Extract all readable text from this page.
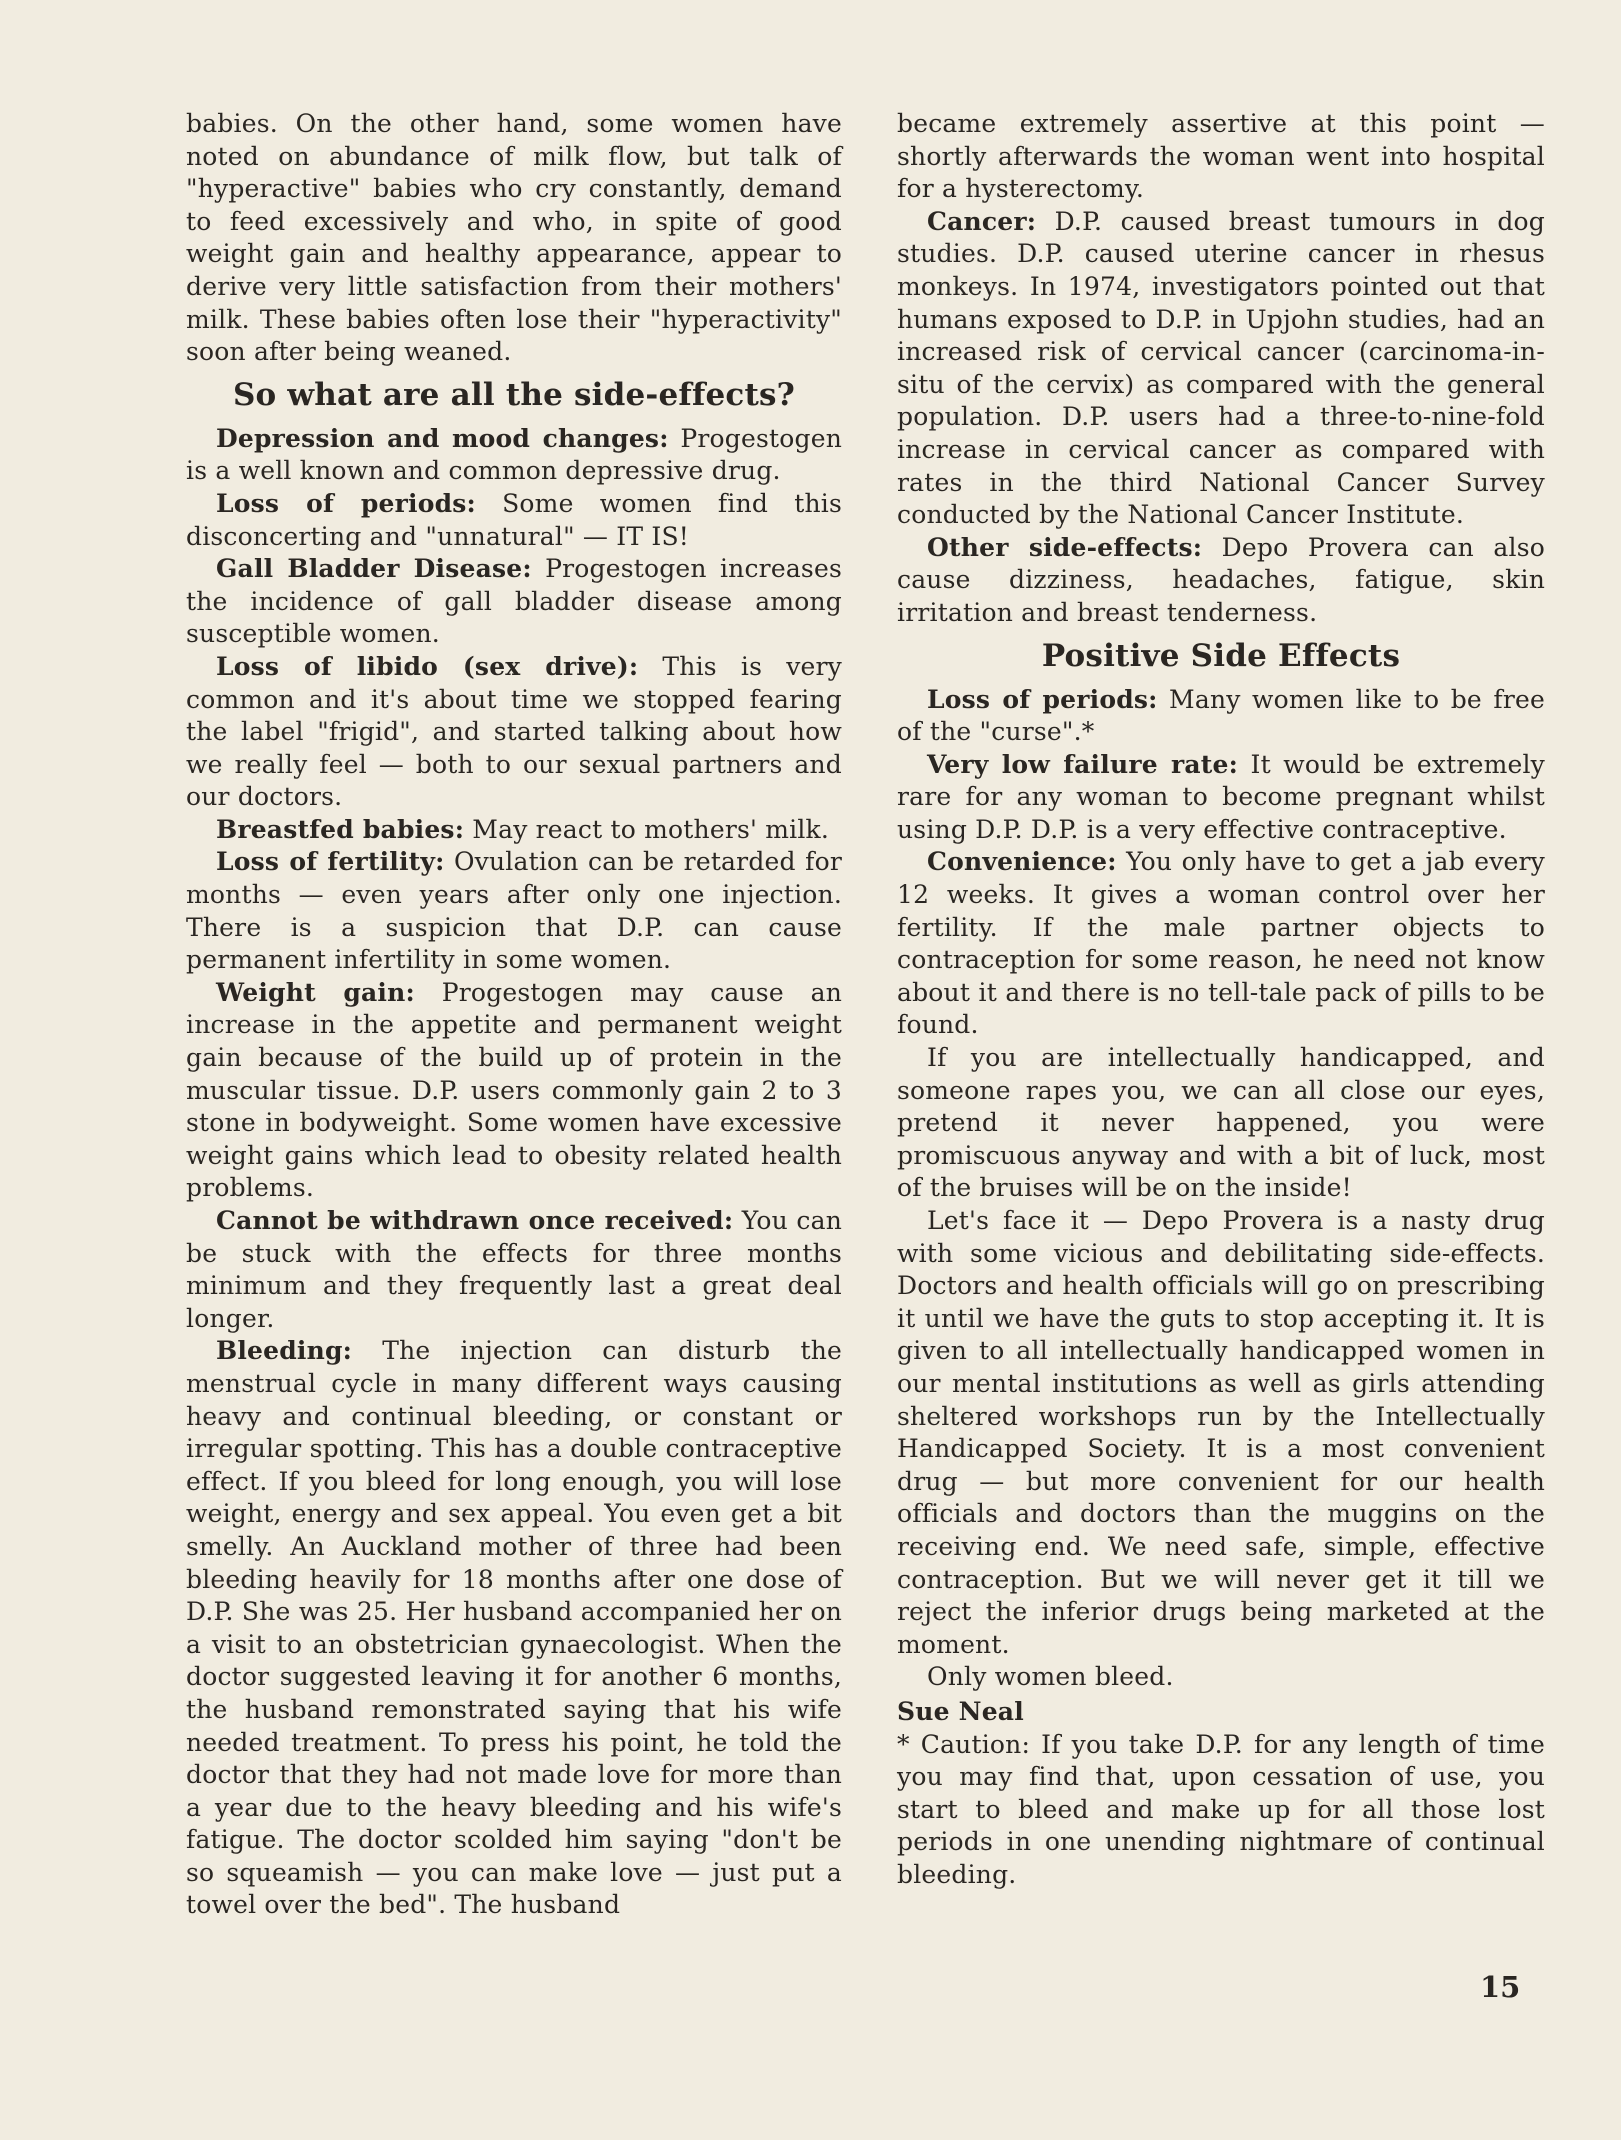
babies. On the other hand, some women have noted on abundance of milk flow, but talk of "hyperactive" babies who cry constantly, demand to feed excessively and who, in spite of good weight gain and healthy appearance, appear to derive very little satisfaction from their mothers' milk. These babies often lose their "hyperactivity" soon after being weaned.

So what are all the side-effects?

Depression and mood changes: Progestogen is a well known and common depressive drug.

Loss of periods: Some women find this disconcerting and "unnatural" — IT IS!

Gall Bladder Disease: Progestogen increases the incidence of gall bladder disease among susceptible women.

Loss of libido (sex drive): This is very common and it's about time we stopped fearing the label "frigid", and started talking about how we really feel — both to our sexual partners and our doctors.

Breastfed babies: May react to mothers' milk.

Loss of fertility: Ovulation can be retarded for months — even years after only one injection. There is a suspicion that D.P. can cause permanent infertility in some women.

Weight gain: Progestogen may cause an increase in the appetite and permanent weight gain because of the build up of protein in the muscular tissue. D.P. users commonly gain 2 to 3 stone in bodyweight. Some women have excessive weight gains which lead to obesity related health problems.

Cannot be withdrawn once received: You can be stuck with the effects for three months minimum and they frequently last a great deal longer.

Bleeding: The injection can disturb the menstrual cycle in many different ways causing heavy and continual bleeding, or constant or irregular spotting. This has a double contraceptive effect. If you bleed for long enough, you will lose weight, energy and sex appeal. You even get a bit smelly. An Auckland mother of three had been bleeding heavily for 18 months after one dose of D.P. She was 25. Her husband accompanied her on a visit to an obstetrician gynaecologist. When the doctor suggested leaving it for another 6 months, the husband remonstrated saying that his wife needed treatment. To press his point, he told the doctor that they had not made love for more than a year due to the heavy bleeding and his wife's fatigue. The doctor scolded him saying "don't be so squeamish — you can make love — just put a towel over the bed". The husband

became extremely assertive at this point — shortly afterwards the woman went into hospital for a hysterectomy.

Cancer: D.P. caused breast tumours in dog studies. D.P. caused uterine cancer in rhesus monkeys. In 1974, investigators pointed out that humans exposed to D.P. in Upjohn studies, had an increased risk of cervical cancer (carcinoma-in-situ of the cervix) as compared with the general population. D.P. users had a three-to-nine-fold increase in cervical cancer as compared with rates in the third National Cancer Survey conducted by the National Cancer Institute.

Other side-effects: Depo Provera can also cause dizziness, headaches, fatigue, skin irritation and breast tenderness.

Positive Side Effects

Loss of periods: Many women like to be free of the "curse".*

Very low failure rate: It would be extremely rare for any woman to become pregnant whilst using D.P. D.P. is a very effective contraceptive.

Convenience: You only have to get a jab every 12 weeks. It gives a woman control over her fertility. If the male partner objects to contraception for some reason, he need not know about it and there is no tell-tale pack of pills to be found.

If you are intellectually handicapped, and someone rapes you, we can all close our eyes, pretend it never happened, you were promiscuous anyway and with a bit of luck, most of the bruises will be on the inside!

Let's face it — Depo Provera is a nasty drug with some vicious and debilitating side-effects. Doctors and health officials will go on prescribing it until we have the guts to stop accepting it. It is given to all intellectually handicapped women in our mental institutions as well as girls attending sheltered workshops run by the Intellectually Handicapped Society. It is a most convenient drug — but more convenient for our health officials and doctors than the muggins on the receiving end. We need safe, simple, effective contraception. But we will never get it till we reject the inferior drugs being marketed at the moment.

Only women bleed.

Sue Neal

* Caution: If you take D.P. for any length of time you may find that, upon cessation of use, you start to bleed and make up for all those lost periods in one unending nightmare of continual bleeding.

15
